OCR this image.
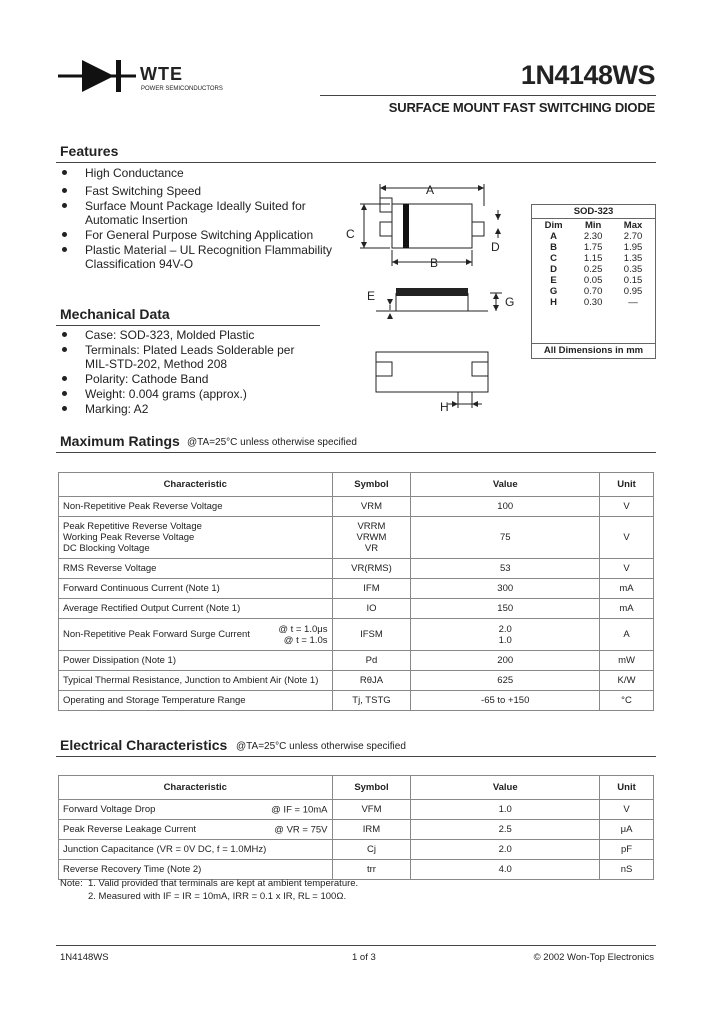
WTE
POWER SEMICONDUCTORS	1N4148WS
SURFACE MOUNT FAST SWITCHING DIODE
Features
High Conductance
Fast Switching Speed
Surface Mount Package Ideally Suited for Automatic Insertion
For General Purpose Switching Application
Plastic Material – UL Recognition Flammability Classification 94V-O
Mechanical Data
Case: SOD-323, Molded Plastic
Terminals: Plated Leads Solderable per MIL-STD-202, Method 208
Polarity: Cathode Band
Weight: 0.004 grams (approx.)
Marking: A2
A
B
C
D
E	G
H
SOD-323
Dim	Min	Max
A	2.30	2.70
B	1.75	1.95
C	1.15	1.35
D	0.25	0.35
E	0.05	0.15
G	0.70	0.95
H	0.30	—
All Dimensions in mm
Maximum Ratings @TA=25°C unless otherwise specified
Characteristic	Symbol	Value	Unit
Non-Repetitive Peak Reverse Voltage	VRM	100	V
Peak Repetitive Reverse Voltage
Working Peak Reverse Voltage
DC Blocking Voltage	VRRM
VRWM
VR	75	V
RMS Reverse Voltage	VR(RMS)	53	V
Forward Continuous Current (Note 1)	IFM	300	mA
Average Rectified Output Current (Note 1)	IO	150	mA
Non-Repetitive Peak Forward Surge Current @ t = 1.0μs
@ t = 1.0s	IFSM	2.0
1.0	A
Power Dissipation (Note 1)	Pd	200	mW
Typical Thermal Resistance, Junction to Ambient Air (Note 1)	RθJA	625	K/W
Operating and Storage Temperature Range	Tj, TSTG	-65 to +150	°C
Electrical Characteristics @TA=25°C unless otherwise specified
Characteristic	Symbol	Value	Unit
Forward Voltage Drop @ IF = 10mA	VFM	1.0	V
Peak Reverse Leakage Current @ VR = 75V	IRM	2.5	μA
Junction Capacitance (VR = 0V DC, f = 1.0MHz)	Cj	2.0	pF
Reverse Recovery Time (Note 2)	trr	4.0	nS
Note: 1. Valid provided that terminals are kept at ambient temperature.
2. Measured with IF = IR = 10mA, IRR = 0.1 x IR, RL = 100Ω.
1N4148WS	1 of 3	© 2002 Won-Top Electronics
